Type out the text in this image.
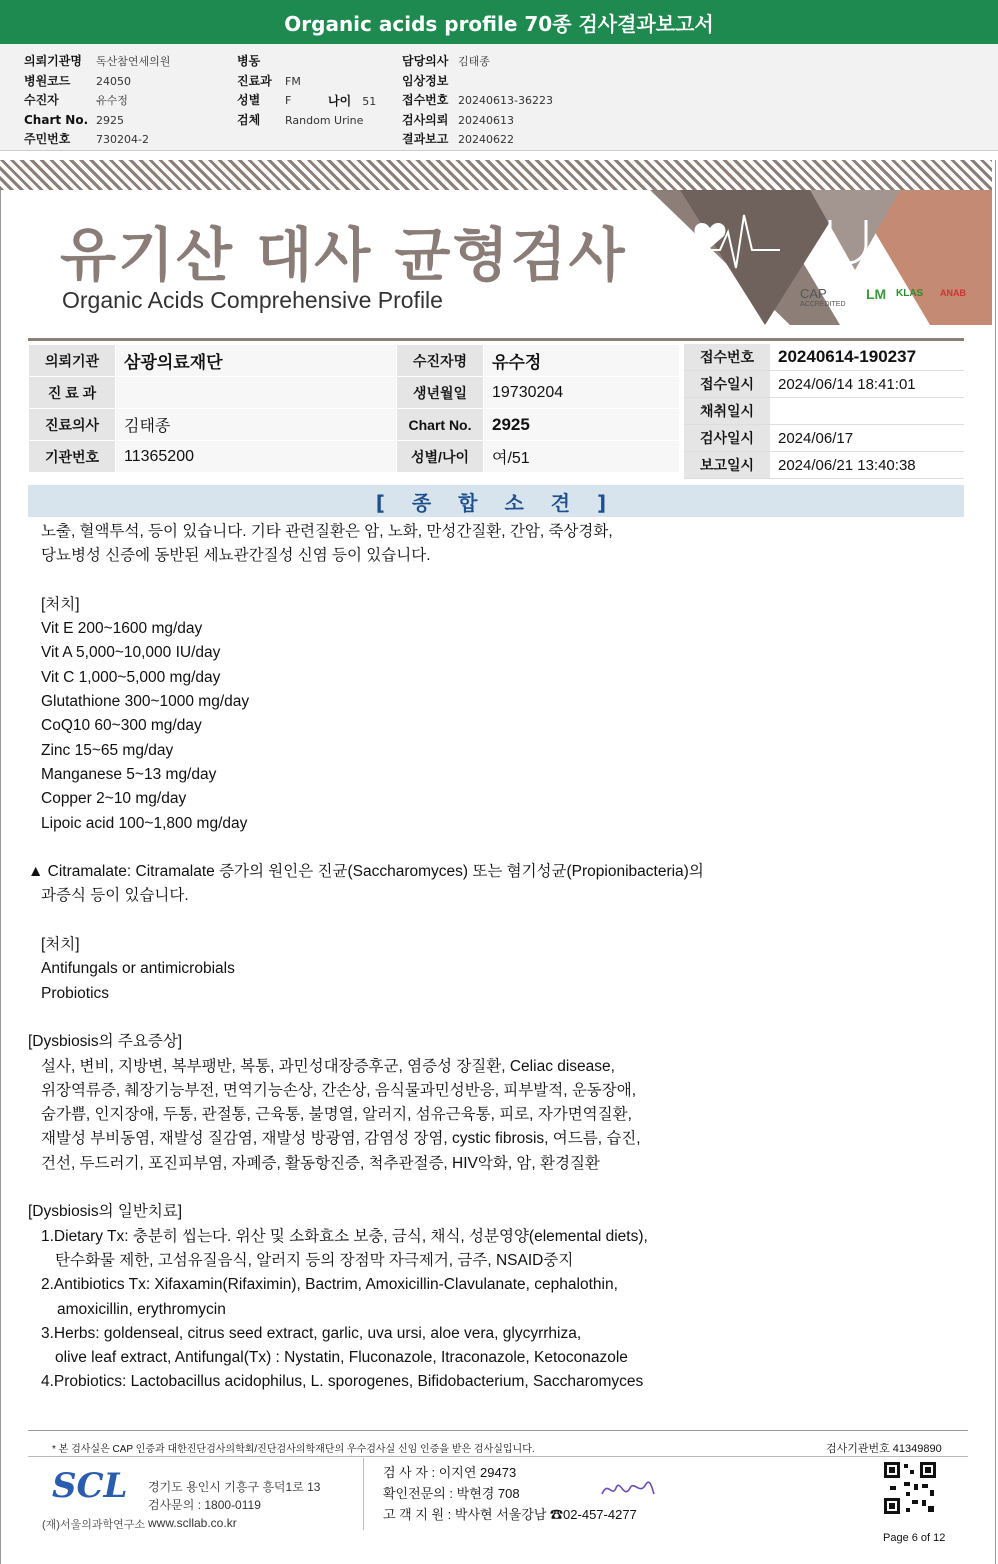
Organic acids profile 70종 검사결과보고서
의뢰기관명 독산참연세의원
병원코드 24050
수진자	유수정
Chart No. 2925
주민번호 730204-2
병동
진료과 FM
성별 F
검체 Random Urine
나이 51
담당의사 김태종
임상정보
접수번호 20240613-36223
검사의뢰 20240613
결과보고 20240622
CAP
ACCREDITED
LM KLAS ANAB
유기산 대사 균형검사
Organic Acids Comprehensive Profile
의뢰기관	삼광의료재단	수진자명	유수정
진 료 과		생년월일	19730204
진료의사	김태종	Chart No.	2925
기관번호	11365200	성별/나이	여/51
접수번호	20240614-190237
접수일시	2024/06/14 18:41:01
채취일시	
검사일시	2024/06/17
보고일시	2024/06/21 13:40:38
[ 종 합 소 견 ]
노출, 혈액투석, 등이 있습니다. 기타 관련질환은 암, 노화, 만성간질환, 간암, 죽상경화,
당뇨병성 신증에 동반된 세뇨관간질성 신염 등이 있습니다.
[처치]
Vit E 200~1600 mg/day
Vit A 5,000~10,000 IU/day
Vit C 1,000~5,000 mg/day
Glutathione 300~1000 mg/day
CoQ10 60~300 mg/day
Zinc 15~65 mg/day
Manganese 5~13 mg/day
Copper 2~10 mg/day
Lipoic acid 100~1,800 mg/day
▲ Citramalate: Citramalate 증가의 원인은 진균(Saccharomyces) 또는 혐기성균(Propionibacteria)의
과증식 등이 있습니다.
[처치]
Antifungals or antimicrobials
Probiotics
[Dysbiosis의 주요증상]
설사, 변비, 지방변, 복부팽반, 복통, 과민성대장증후군, 염증성 장질환, Celiac disease,
위장역류증, 췌장기능부전, 면역기능손상, 간손상, 음식물과민성반응, 피부발적, 운동장애,
숨가쁨, 인지장애, 두통, 관절통, 근육통, 불명열, 알러지, 섬유근육통, 피로, 자가면역질환,
재발성 부비동염, 재발성 질감염, 재발성 방광염, 감염성 장염, cystic fibrosis, 여드름, 습진,
건선, 두드러기, 포진피부염, 자폐증, 활동항진증, 척추관절증, HIV악화, 암, 환경질환
[Dysbiosis의 일반치료]
1.Dietary Tx: 충분히 씹는다. 위산 및 소화효소 보충, 금식, 채식, 성분영양(elemental diets),
탄수화물 제한, 고섬유질음식, 알러지 등의 장점막 자극제거, 금주, NSAID중지
2.Antibiotics Tx: Xifaxamin(Rifaximin), Bactrim, Amoxicillin-Clavulanate, cephalothin,
amoxicillin, erythromycin
3.Herbs: goldenseal, citrus seed extract, garlic, uva ursi, aloe vera, glycyrrhiza,
olive leaf extract, Antifungal(Tx) : Nystatin, Fluconazole, Itraconazole, Ketoconazole
4.Probiotics: Lactobacillus acidophilus, L. sporogenes, Bifidobacterium, Saccharomyces
* 본 검사실은 CAP 인증과 대한진단검사의학회/진단검사의학재단의 우수검사실 신임 인증을 받은 검사실입니다.	검사기관번호 41349890
SCL
(재)서울의과학연구소
경기도 용인시 기흥구 흥덕1로 13
검사문의 : 1800-0119
www.scllab.co.kr
검 사 자 : 이지연 29473
확인전문의 : 박현경 708
고 객 지 원 : 박사현 서울강남 ☎02-457-4277
Page 6 of 12
